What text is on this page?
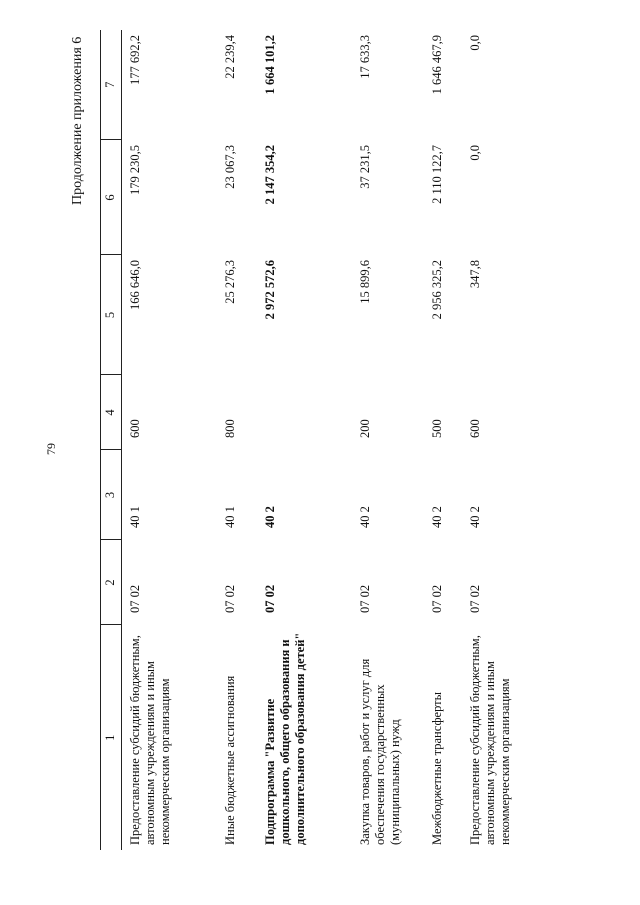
79
Продолжение приложения 6
1	2	3	4	5	6	7
Предоставление субсидий бюджетным, автономным учреждениям и иным некоммерческим организациям	07 02	40 1	600	166 646,0	179 230,5	177 692,2
Иные бюджетные ассигнования	07 02	40 1	800	25 276,3	23 067,3	22 239,4
Подпрограмма "Развитие дошкольного, общего образования и дополнительного образования детей"	07 02	40 2		2 972 572,6	2 147 354,2	1 664 101,2
Закупка товаров, работ и услуг для обеспечения государственных (муниципальных) нужд	07 02	40 2	200	15 899,6	37 231,5	17 633,3
Межбюджетные трансферты	07 02	40 2	500	2 956 325,2	2 110 122,7	1 646 467,9
Предоставление субсидий бюджетным, автономным учреждениям и иным некоммерческим организациям	07 02	40 2	600	347,8	0,0	0,0
